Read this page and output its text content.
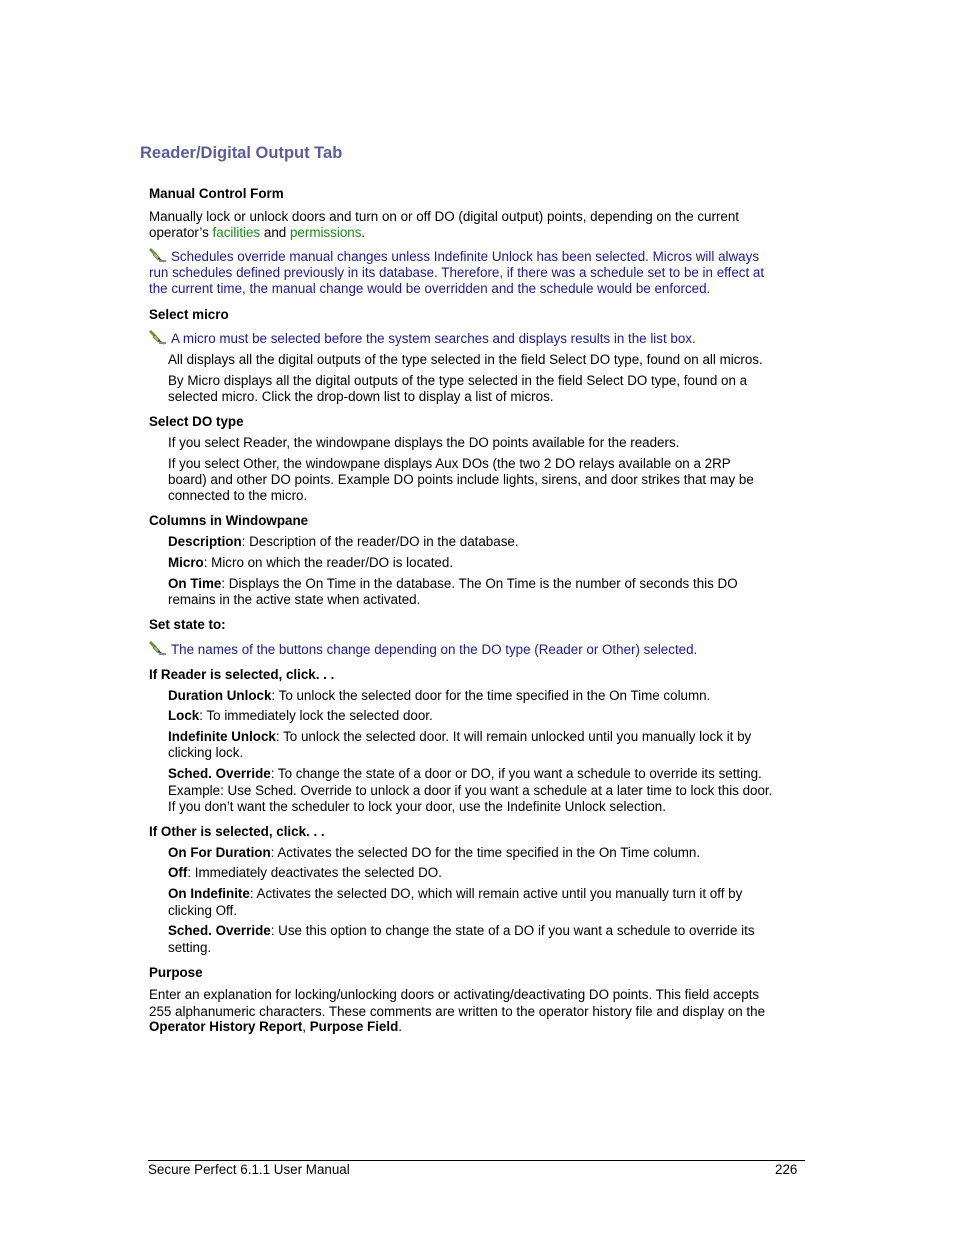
Reader/Digital Output Tab
Manual Control Form
Manually lock or unlock doors and turn on or off DO (digital output) points, depending on the current
operator’s facilities and permissions.
Schedules override manual changes unless Indefinite Unlock has been selected. Micros will always
run schedules defined previously in its database. Therefore, if there was a schedule set to be in effect at
the current time, the manual change would be overridden and the schedule would be enforced.
Select micro
A micro must be selected before the system searches and displays results in the list box.
All displays all the digital outputs of the type selected in the field Select DO type, found on all micros.
By Micro displays all the digital outputs of the type selected in the field Select DO type, found on a
selected micro. Click the drop-down list to display a list of micros.
Select DO type
If you select Reader, the windowpane displays the DO points available for the readers.
If you select Other, the windowpane displays Aux DOs (the two 2 DO relays available on a 2RP
board) and other DO points. Example DO points include lights, sirens, and door strikes that may be
connected to the micro.
Columns in Windowpane
Description: Description of the reader/DO in the database.
Micro: Micro on which the reader/DO is located.
On Time: Displays the On Time in the database. The On Time is the number of seconds this DO
remains in the active state when activated.
Set state to:
The names of the buttons change depending on the DO type (Reader or Other) selected.
If Reader is selected, click. . .
Duration Unlock: To unlock the selected door for the time specified in the On Time column.
Lock: To immediately lock the selected door.
Indefinite Unlock: To unlock the selected door. It will remain unlocked until you manually lock it by
clicking lock.
Sched. Override: To change the state of a door or DO, if you want a schedule to override its setting.
Example: Use Sched. Override to unlock a door if you want a schedule at a later time to lock this door.
If you don’t want the scheduler to lock your door, use the Indefinite Unlock selection.
If Other is selected, click. . .
On For Duration: Activates the selected DO for the time specified in the On Time column.
Off: Immediately deactivates the selected DO.
On Indefinite: Activates the selected DO, which will remain active until you manually turn it off by
clicking Off.
Sched. Override: Use this option to change the state of a DO if you want a schedule to override its
setting.
Purpose
Enter an explanation for locking/unlocking doors or activating/deactivating DO points. This field accepts
255 alphanumeric characters. These comments are written to the operator history file and display on the
Operator History Report, Purpose Field.
Secure Perfect 6.1.1 User Manual	226
